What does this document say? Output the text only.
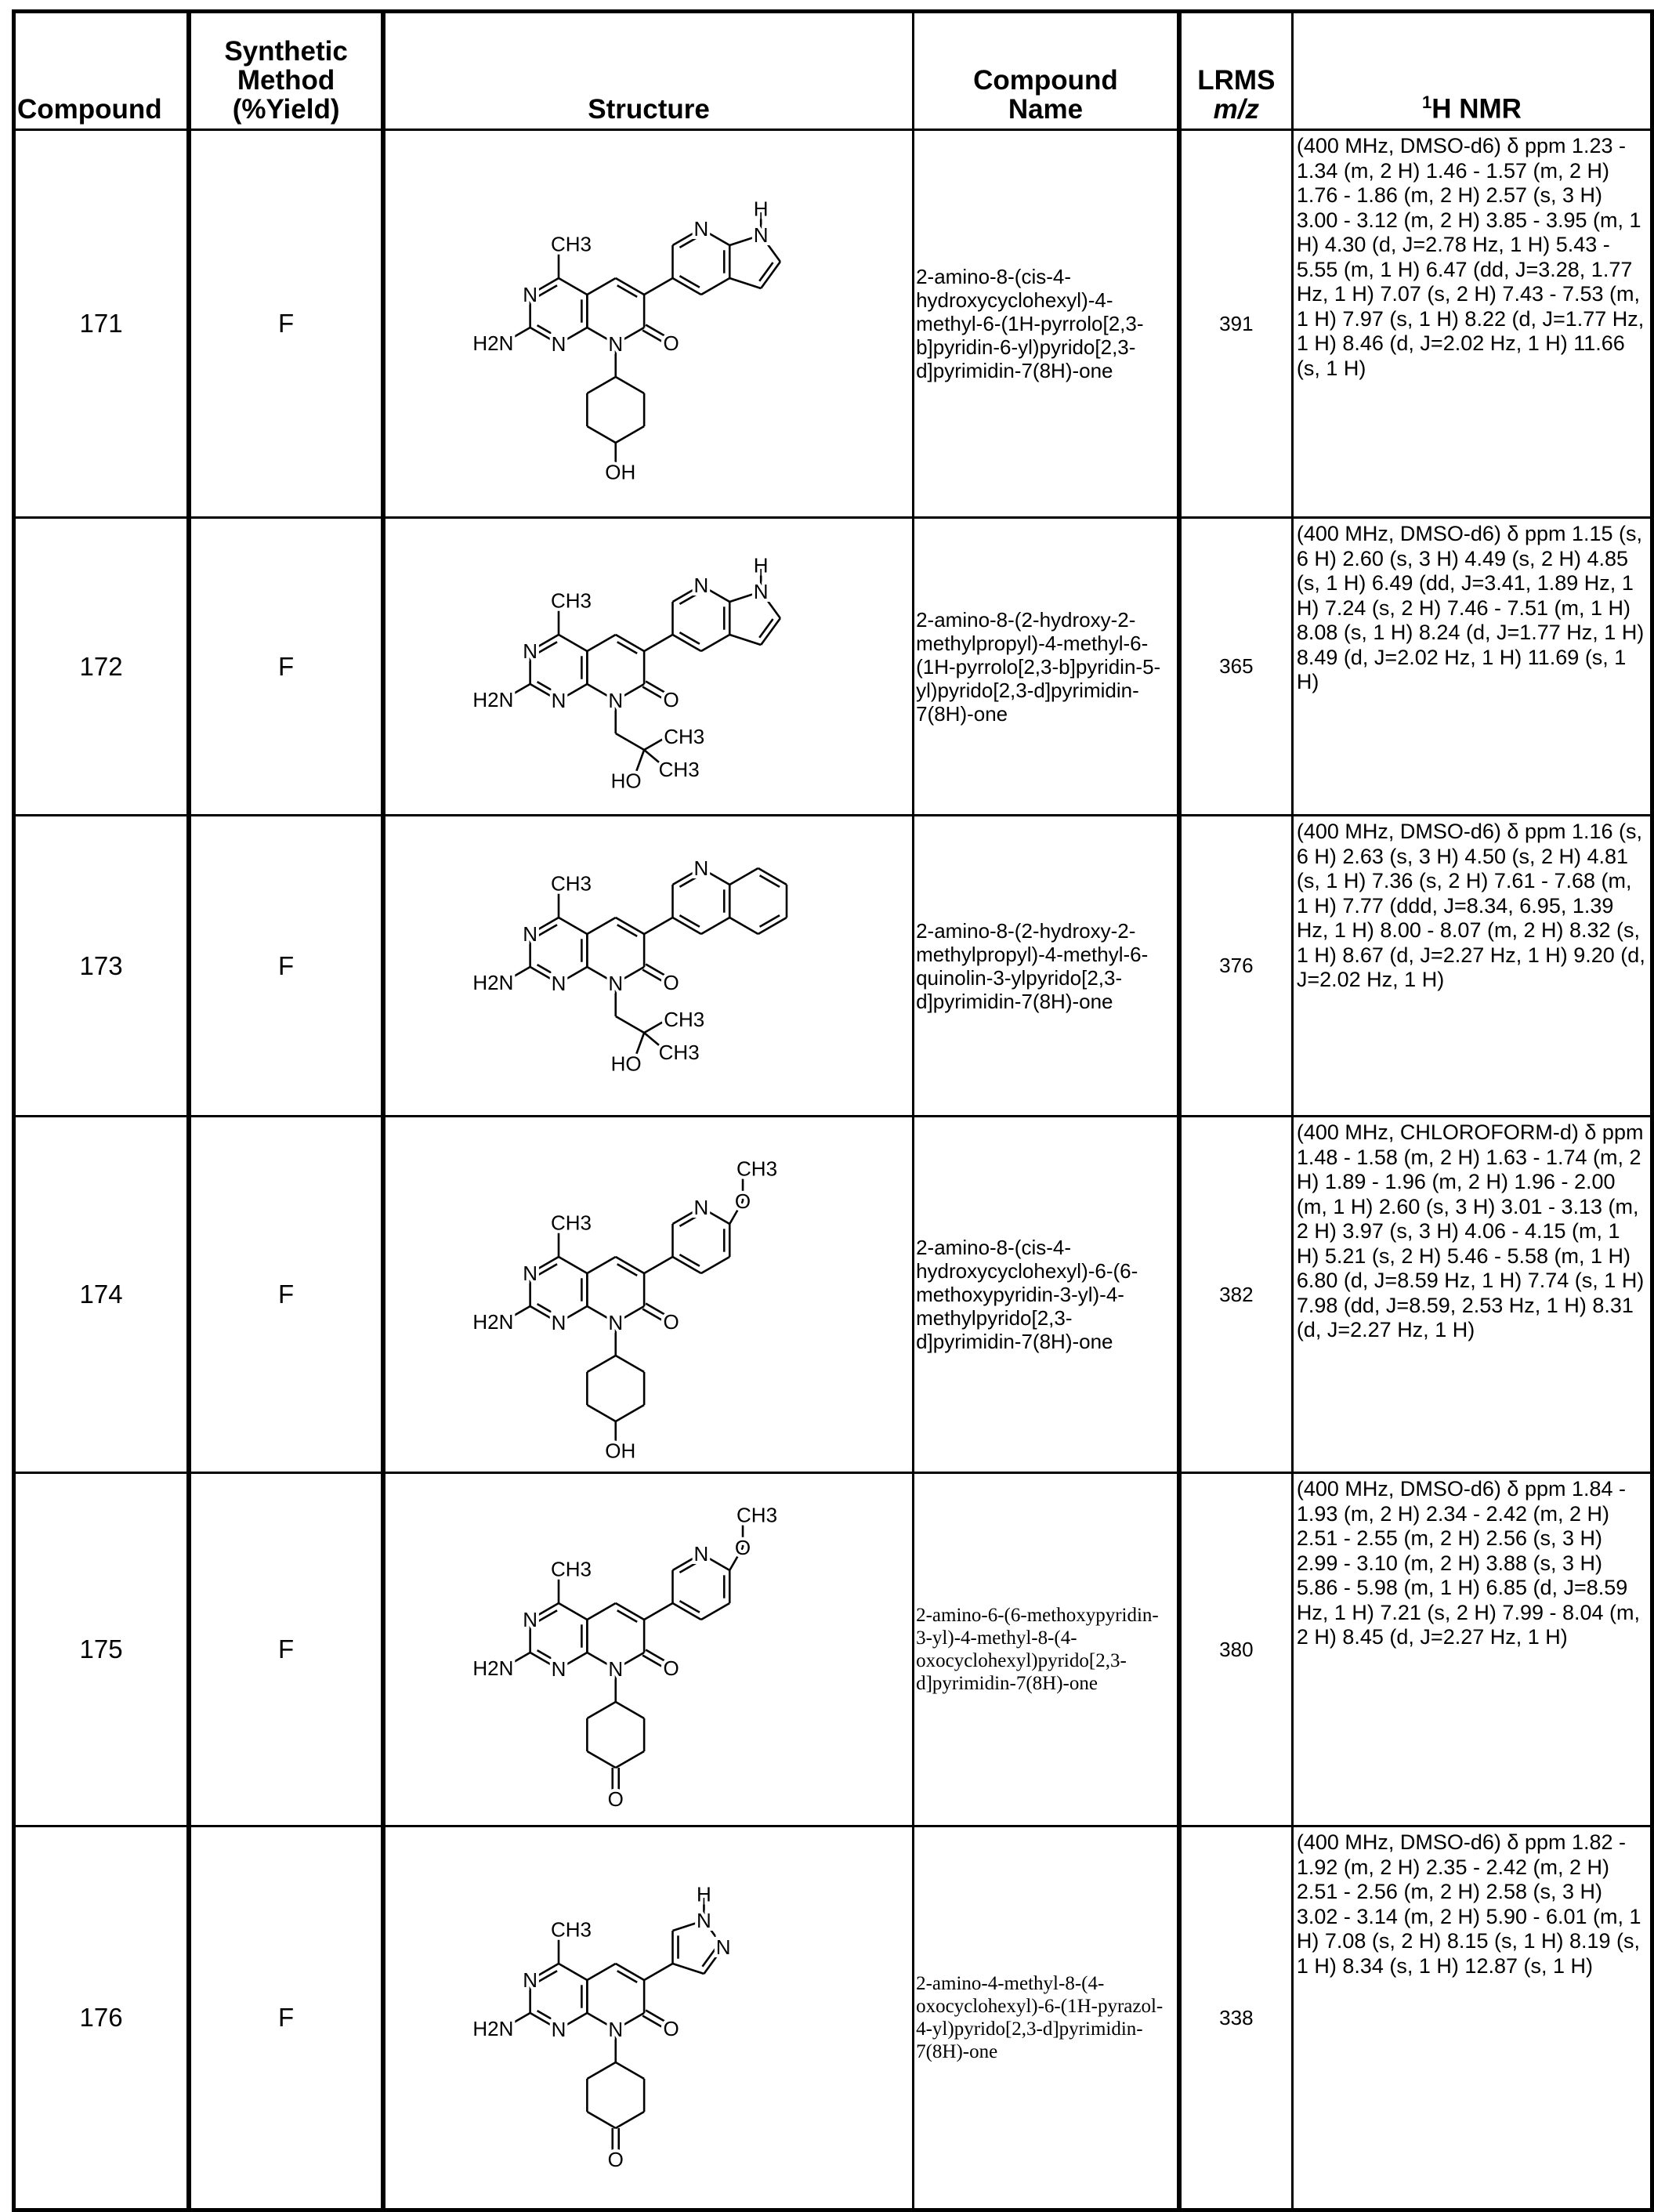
Compound	
Synthetic
Method
(%Yield)	Structure	
Compound
Name

LRMS
m/z	1H NMR
171	F	
CH3
N
N
H2N	N O
N N
H
OH
	2-amino-8-(cis-4-hydroxycyclohexyl)-4-methyl-6-(1H-pyrrolo[2,3-b]pyridin-6-yl)pyrido[2,3-d]pyrimidin-7(8H)-one	391	(400 MHz, DMSO-d6) δ ppm 1.23 - 1.34 (m, 2 H) 1.46 - 1.57 (m, 2 H) 1.76 - 1.86 (m, 2 H) 2.57 (s, 3 H) 3.00 - 3.12 (m, 2 H) 3.85 - 3.95 (m, 1 H) 4.30 (d, J=2.78 Hz, 1 H) 5.43 - 5.55 (m, 1 H) 6.47 (dd, J=3.28, 1.77 Hz, 1 H) 7.07 (s, 2 H) 7.43 - 7.53 (m, 1 H) 7.97 (s, 1 H) 8.22 (d, J=1.77 Hz, 1 H) 8.46 (d, J=2.02 Hz, 1 H) 11.66 (s, 1 H)
172	F	
CH3
N
N
H2N	N O
N N
H
CH3
HO CH3
	2-amino-8-(2-hydroxy-2-methylpropyl)-4-methyl-6-(1H-pyrrolo[2,3-b]pyridin-5-yl)pyrido[2,3-d]pyrimidin-7(8H)-one	365	(400 MHz, DMSO-d6) δ ppm 1.15 (s, 6 H) 2.60 (s, 3 H) 4.49 (s, 2 H) 4.85 (s, 1 H) 6.49 (dd, J=3.41, 1.89 Hz, 1 H) 7.24 (s, 2 H) 7.46 - 7.51 (m, 1 H) 8.08 (s, 1 H) 8.24 (d, J=1.77 Hz, 1 H) 8.49 (d, J=2.02 Hz, 1 H) 11.69 (s, 1 H)
173	F	
CH3
N
N
H2N	N O
N
CH3
HO CH3
	2-amino-8-(2-hydroxy-2-methylpropyl)-4-methyl-6-quinolin-3-ylpyrido[2,3-d]pyrimidin-7(8H)-one	376	(400 MHz, DMSO-d6) δ ppm 1.16 (s, 6 H) 2.63 (s, 3 H) 4.50 (s, 2 H) 4.81 (s, 1 H) 7.36 (s, 2 H) 7.61 - 7.68 (m, 1 H) 7.77 (ddd, J=8.34, 6.95, 1.39 Hz, 1 H) 8.00 - 8.07 (m, 2 H) 8.32 (s, 1 H) 8.67 (d, J=2.27 Hz, 1 H) 9.20 (d, J=2.02 Hz, 1 H)
174	F	
CH3
N
N
H2N	N O
N O
CH3
OH
	2-amino-8-(cis-4-hydroxycyclohexyl)-6-(6-methoxypyridin-3-yl)-4-methylpyrido[2,3-d]pyrimidin-7(8H)-one	382	(400 MHz, CHLOROFORM-d) δ ppm 1.48 - 1.58 (m, 2 H) 1.63 - 1.74 (m, 2 H) 1.89 - 1.96 (m, 2 H) 1.96 - 2.00 (m, 1 H) 2.60 (s, 3 H) 3.01 - 3.13 (m, 2 H) 3.97 (s, 3 H) 4.06 - 4.15 (m, 1 H) 5.21 (s, 2 H) 5.46 - 5.58 (m, 1 H) 6.80 (d, J=8.59 Hz, 1 H) 7.74 (s, 1 H) 7.98 (dd, J=8.59, 2.53 Hz, 1 H) 8.31 (d, J=2.27 Hz, 1 H)
175	F	
CH3
N
N
H2N	N O
N O
CH3
O
	2-amino-6-(6-methoxypyridin-3-yl)-4-methyl-8-(4-oxocyclohexyl)pyrido[2,3-d]pyrimidin-7(8H)-one	380	(400 MHz, DMSO-d6) δ ppm 1.84 - 1.93 (m, 2 H) 2.34 - 2.42 (m, 2 H) 2.51 - 2.55 (m, 2 H) 2.56 (s, 3 H) 2.99 - 3.10 (m, 2 H) 3.88 (s, 3 H) 5.86 - 5.98 (m, 1 H) 6.85 (d, J=8.59 Hz, 1 H) 7.21 (s, 2 H) 7.99 - 8.04 (m, 2 H) 8.45 (d, J=2.27 Hz, 1 H)
176	F	
CH3
N
N
H2N	N O
N
N
H
O
	2-amino-4-methyl-8-(4-oxocyclohexyl)-6-(1H-pyrazol-4-yl)pyrido[2,3-d]pyrimidin-7(8H)-one	338	(400 MHz, DMSO-d6) δ ppm 1.82 - 1.92 (m, 2 H) 2.35 - 2.42 (m, 2 H) 2.51 - 2.56 (m, 2 H) 2.58 (s, 3 H) 3.02 - 3.14 (m, 2 H) 5.90 - 6.01 (m, 1 H) 7.08 (s, 2 H) 8.15 (s, 1 H) 8.19 (s, 1 H) 8.34 (s, 1 H) 12.87 (s, 1 H)
